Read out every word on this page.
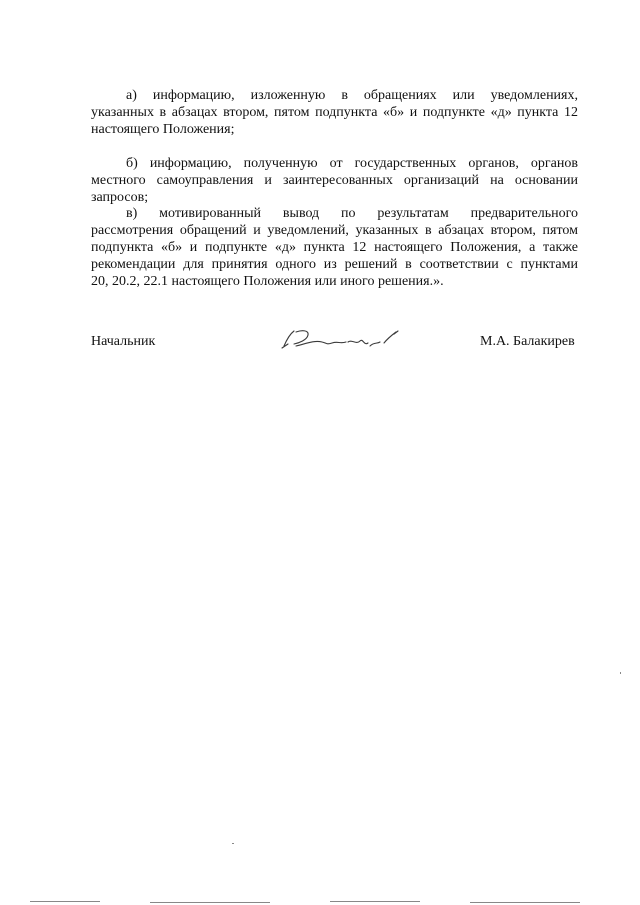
а) информацию, изложенную в обращениях или уведомлениях,
указанных в абзацах втором, пятом подпункта «б» и подпункте «д» пункта 12
настоящего Положения;
б) информацию, полученную от государственных органов, органов
местного самоуправления и заинтересованных организаций на основании
запросов;
в) мотивированный вывод по результатам предварительного
рассмотрения обращений и уведомлений, указанных в абзацах втором, пятом
подпункта «б» и подпункте «д» пункта 12 настоящего Положения, а также
рекомендации для принятия одного из решений в соответствии с пунктами
20, 20.2, 22.1 настоящего Положения или иного решения.».
Начальник	М.А. Балакирев
